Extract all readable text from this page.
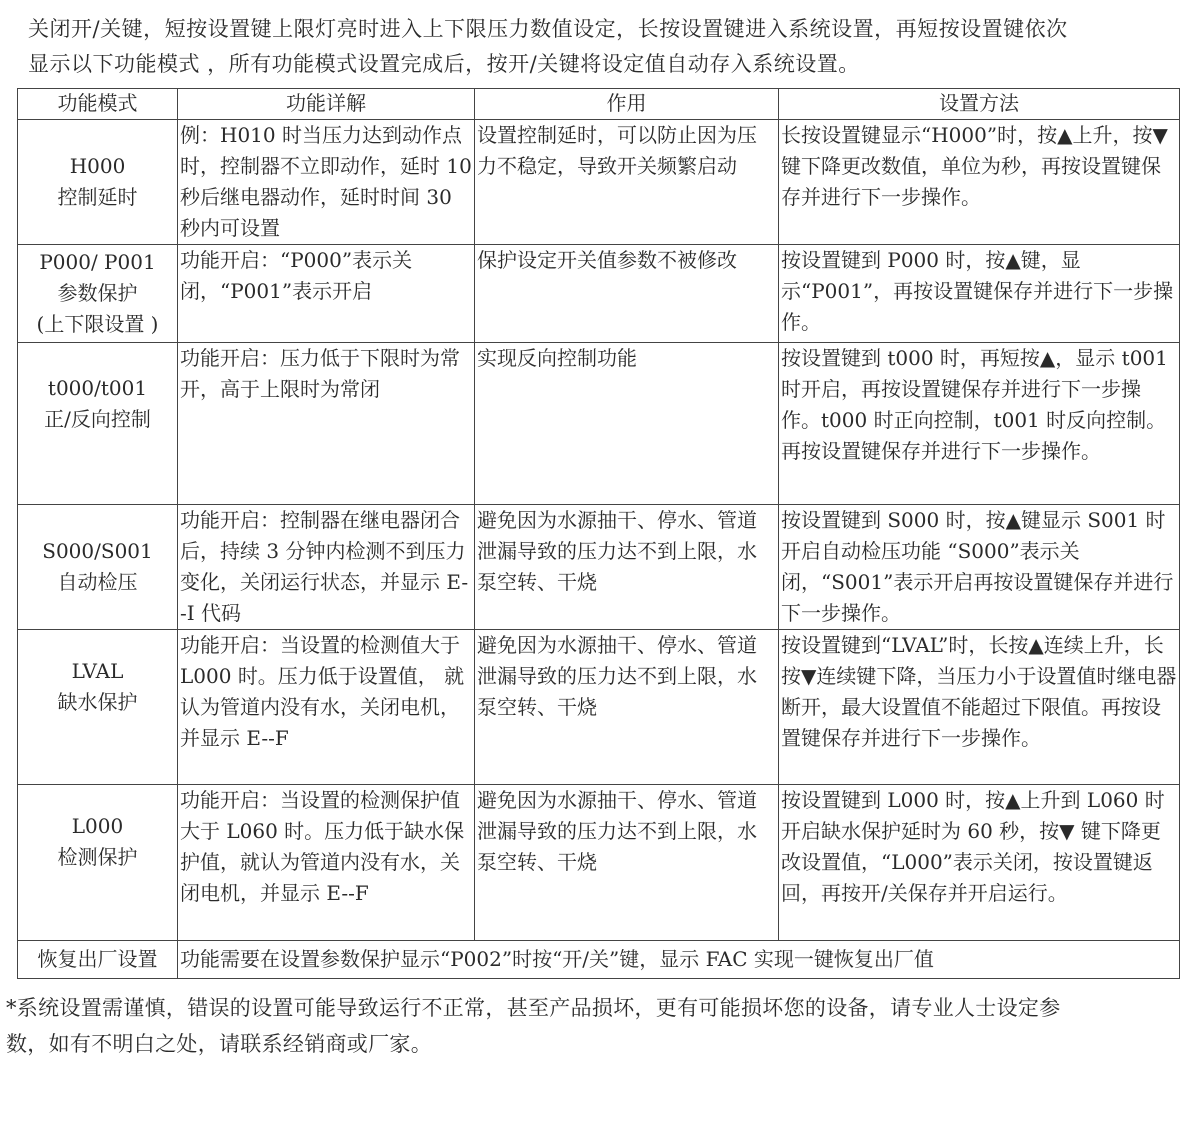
关闭开/关键，短按设置键上限灯亮时进入上下限压力数值设定，长按设置键进入系统设置，再短按设置键依次

显示以下功能模式 ，所有功能模式设置完成后，按开/关键将设定值自动存入系统设置。

功能模式	功能详解	作用	设置方法

H000
控制延时	例：H010 时当压力达到动作点时，控制器不立即动作，延时 10 秒后继电器动作，延时时间 30 秒内可设置	设置控制延时，可以防止因为压力不稳定，导致开关频繁启动	长按设置键显示“H000”时，按▲上升，按▼键下降更改数值，单位为秒，再按设置键保存并进行下一步操作。

P000/ P001
参数保护
(上下限设置 )	功能开启：“P000”表示关闭，“P001”表示开启	保护设定开关值参数不被修改	按设置键到 P000 时，按▲键，显示“P001”，再按设置键保存并进行下一步操作。

t000/t001
正/反向控制	功能开启：压力低于下限时为常开，高于上限时为常闭	实现反向控制功能	按设置键到 t000 时，再短按▲，显示 t001 时开启，再按设置键保存并进行下一步操作。t000 时正向控制，t001 时反向控制。再按设置键保存并进行下一步操作。

S000/S001
自动检压	功能开启：控制器在继电器闭合后，持续 3 分钟内检测不到压力变化，关闭运行状态，并显示 E--I 代码	避免因为水源抽干、停水、管道泄漏导致的压力达不到上限，水泵空转、干烧	按设置键到 S000 时，按▲键显示 S001 时开启自动检压功能 “S000”表示关闭，“S001”表示开启再按设置键保存并进行下一步操作。

LVAL
缺水保护	功能开启：当设置的检测值大于 L000 时。压力低于设置值， 就认为管道内没有水，关闭电机， 并显示 E--F	避免因为水源抽干、停水、管道泄漏导致的压力达不到上限，水泵空转、干烧	按设置键到“LVAL”时，长按▲连续上升，长按▼连续键下降，当压力小于设置值时继电器断开，最大设置值不能超过下限值。再按设置键保存并进行下一步操作。

L000
检测保护	功能开启：当设置的检测保护值大于 L060 时。压力低于缺水保护值，就认为管道内没有水，关闭电机，并显示 E--F	避免因为水源抽干、停水、管道泄漏导致的压力达不到上限，水泵空转、干烧	按设置键到 L000 时，按▲上升到 L060 时开启缺水保护延时为 60 秒，按▼ 键下降更改设置值，“L000”表示关闭，按设置键返回，再按开/关保存并开启运行。
恢复出厂设置	功能需要在设置参数保护显示“P002”时按“开/关”键，显示 FAC 实现一键恢复出厂值		

*系统设置需谨慎，错误的设置可能导致运行不正常，甚至产品损坏，更有可能损坏您的设备，请专业人士设定参

数，如有不明白之处，请联系经销商或厂家。
